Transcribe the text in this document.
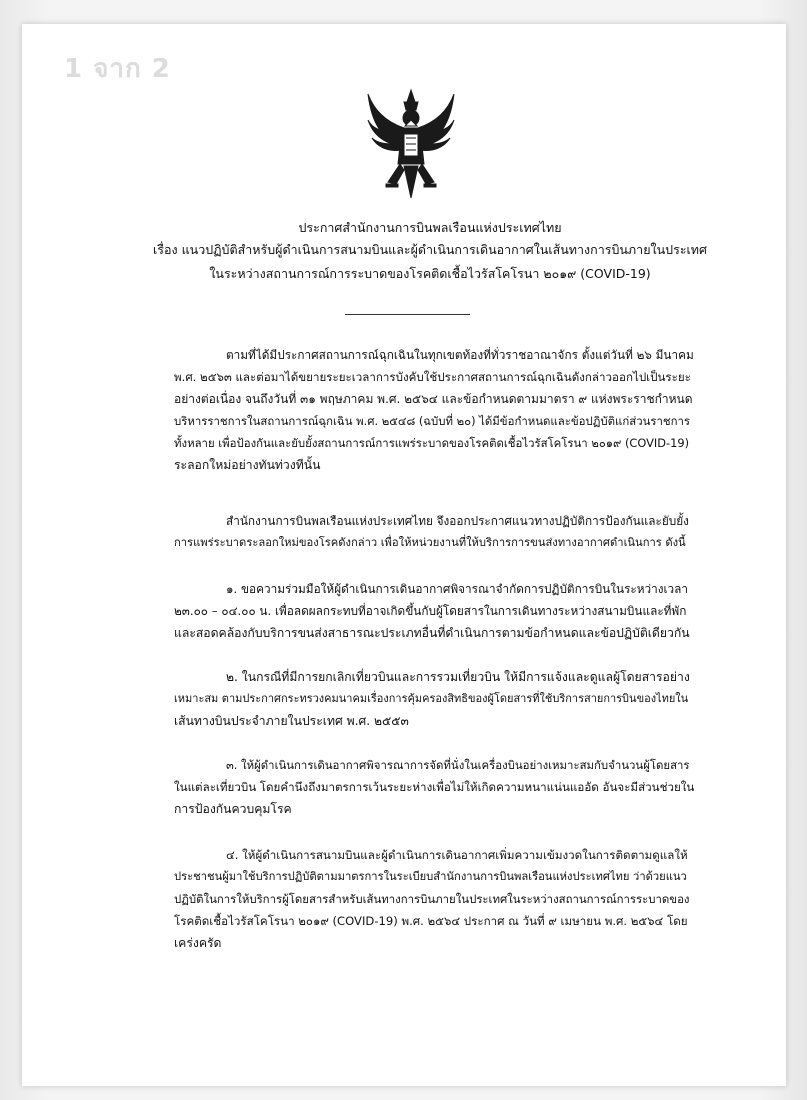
1 จาก 2
ประกาศสำนักงานการบินพลเรือนแห่งประเทศไทย
เรื่อง แนวปฏิบัติสำหรับผู้ดำเนินการสนามบินและผู้ดำเนินการเดินอากาศในเส้นทางการบินภายในประเทศ
ในระหว่างสถานการณ์การระบาดของโรคติดเชื้อไวรัสโคโรนา ๒๐๑๙ (COVID-19)
ตามที่ได้มีประกาศสถานการณ์ฉุกเฉินในทุกเขตท้องที่ทั่วราชอาณาจักร ตั้งแต่วันที่ ๒๖ มีนาคม
พ.ศ. ๒๕๖๓ และต่อมาได้ขยายระยะเวลาการบังคับใช้ประกาศสถานการณ์ฉุกเฉินดังกล่าวออกไปเป็นระยะ
อย่างต่อเนื่อง จนถึงวันที่ ๓๑ พฤษภาคม พ.ศ. ๒๕๖๔ และข้อกำหนดตามมาตรา ๙ แห่งพระราชกำหนด
บริหารราชการในสถานการณ์ฉุกเฉิน พ.ศ. ๒๕๔๘ (ฉบับที่ ๒๐) ได้มีข้อกำหนดและข้อปฏิบัติแก่ส่วนราชการ
ทั้งหลาย เพื่อป้องกันและยับยั้งสถานการณ์การแพร่ระบาดของโรคติดเชื้อไวรัสโคโรนา ๒๐๑๙ (COVID-19)
ระลอกใหม่อย่างทันท่วงทีนั้น
สำนักงานการบินพลเรือนแห่งประเทศไทย จึงออกประกาศแนวทางปฏิบัติการป้องกันและยับยั้ง
การแพร่ระบาดระลอกใหม่ของโรคดังกล่าว เพื่อให้หน่วยงานที่ให้บริการการขนส่งทางอากาศดำเนินการ ดังนี้
๑. ขอความร่วมมือให้ผู้ดำเนินการเดินอากาศพิจารณาจำกัดการปฏิบัติการบินในระหว่างเวลา
๒๓.๐๐ – ๐๔.๐๐ น. เพื่อลดผลกระทบที่อาจเกิดขึ้นกับผู้โดยสารในการเดินทางระหว่างสนามบินและที่พัก
และสอดคล้องกับบริการขนส่งสาธารณะประเภทอื่นที่ดำเนินการตามข้อกำหนดและข้อปฏิบัติเดียวกัน
๒. ในกรณีที่มีการยกเลิกเที่ยวบินและการรวมเที่ยวบิน ให้มีการแจ้งและดูแลผู้โดยสารอย่าง
เหมาะสม ตามประกาศกระทรวงคมนาคมเรื่องการคุ้มครองสิทธิของผู้โดยสารที่ใช้บริการสายการบินของไทยใน
เส้นทางบินประจำภายในประเทศ พ.ศ. ๒๕๕๓
๓. ให้ผู้ดำเนินการเดินอากาศพิจารณาการจัดที่นั่งในเครื่องบินอย่างเหมาะสมกับจำนวนผู้โดยสาร
ในแต่ละเที่ยวบิน โดยคำนึงถึงมาตรการเว้นระยะห่างเพื่อไม่ให้เกิดความหนาแน่นแออัด อันจะมีส่วนช่วยใน
การป้องกันควบคุมโรค
๔. ให้ผู้ดำเนินการสนามบินและผู้ดำเนินการเดินอากาศเพิ่มความเข้มงวดในการติดตามดูแลให้
ประชาชนผู้มาใช้บริการปฏิบัติตามมาตรการในระเบียบสำนักงานการบินพลเรือนแห่งประเทศไทย ว่าด้วยแนว
ปฏิบัติในการให้บริการผู้โดยสารสำหรับเส้นทางการบินภายในประเทศในระหว่างสถานการณ์การระบาดของ
โรคติดเชื้อไวรัสโคโรนา ๒๐๑๙ (COVID-19) พ.ศ. ๒๕๖๔ ประกาศ ณ วันที่ ๙ เมษายน พ.ศ. ๒๕๖๔ โดย
เคร่งครัด
